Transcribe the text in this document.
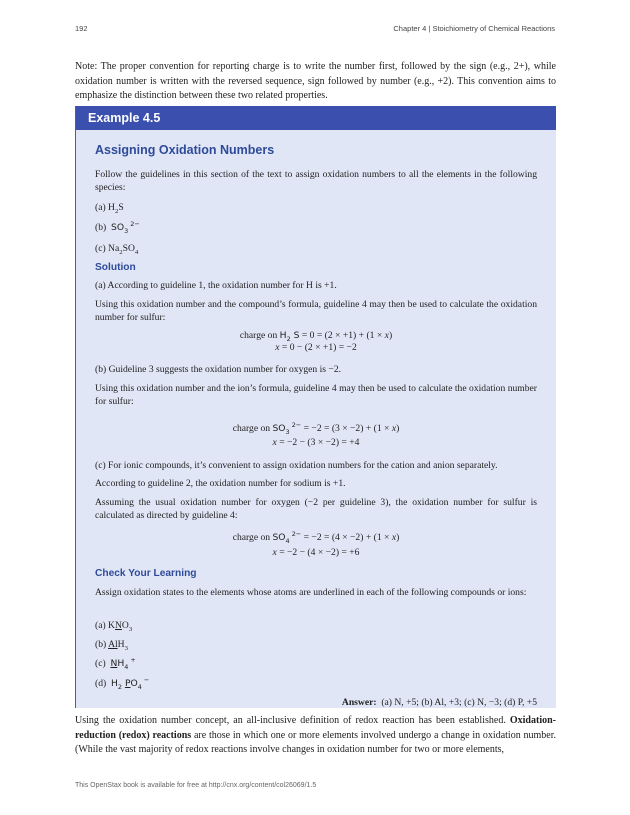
192	Chapter 4 | Stoichiometry of Chemical Reactions

Note: The proper convention for reporting charge is to write the number first, followed by the sign (e.g., 2+), while oxidation number is written with the reversed sequence, sign followed by number (e.g., +2). This convention aims to emphasize the distinction between these two related properties.

Example 4.5
Assigning Oxidation Numbers
Follow the guidelines in this section of the text to assign oxidation numbers to all the elements in the following species:
(a) $H_2S$
(b) $SO_3$ $^{2-}$
(c) $Na_2SO_4$
Solution
(a) According to guideline 1, the oxidation number for H is +1.
Using this oxidation number and the compound’s formula, guideline 4 may then be used to calculate the oxidation number for sulfur:
charge on $H_2$ S = 0 = (2 × +1) + (1 × x)
x = 0 − (2 × +1) = −2
(b) Guideline 3 suggests the oxidation number for oxygen is −2.
Using this oxidation number and the ion’s formula, guideline 4 may then be used to calculate the oxidation number for sulfur:
charge on $SO_3$ $^{2-}$ = −2 = (3 × −2) + (1 × x)
x = −2 − (3 × −2) = +4
(c) For ionic compounds, it’s convenient to assign oxidation numbers for the cation and anion separately.
According to guideline 2, the oxidation number for sodium is +1.
Assuming the usual oxidation number for oxygen (−2 per guideline 3), the oxidation number for sulfur is calculated as directed by guideline 4:
charge on $SO_4$ $^{2-}$ = −2 = (4 × −2) + (1 × x)
x = −2 − (4 × −2) = +6
Check Your Learning
Assign oxidation states to the elements whose atoms are underlined in each of the following compounds or ions:
(a) $KNO_3$
(b) AlH$_3$
(c)  $NH_4$ +
(d)  $H_2$ $PO_4$ −
Answer: (a) N, +5; (b) Al, +3; (c) N, −3; (d) P, +5

Using the oxidation number concept, an all-inclusive definition of redox reaction has been established. Oxidation-reduction (redox) reactions are those in which one or more elements involved undergo a change in oxidation number. (While the vast majority of redox reactions involve changes in oxidation number for two or more elements,

This OpenStax book is available for free at http://cnx.org/content/col26069/1.5
